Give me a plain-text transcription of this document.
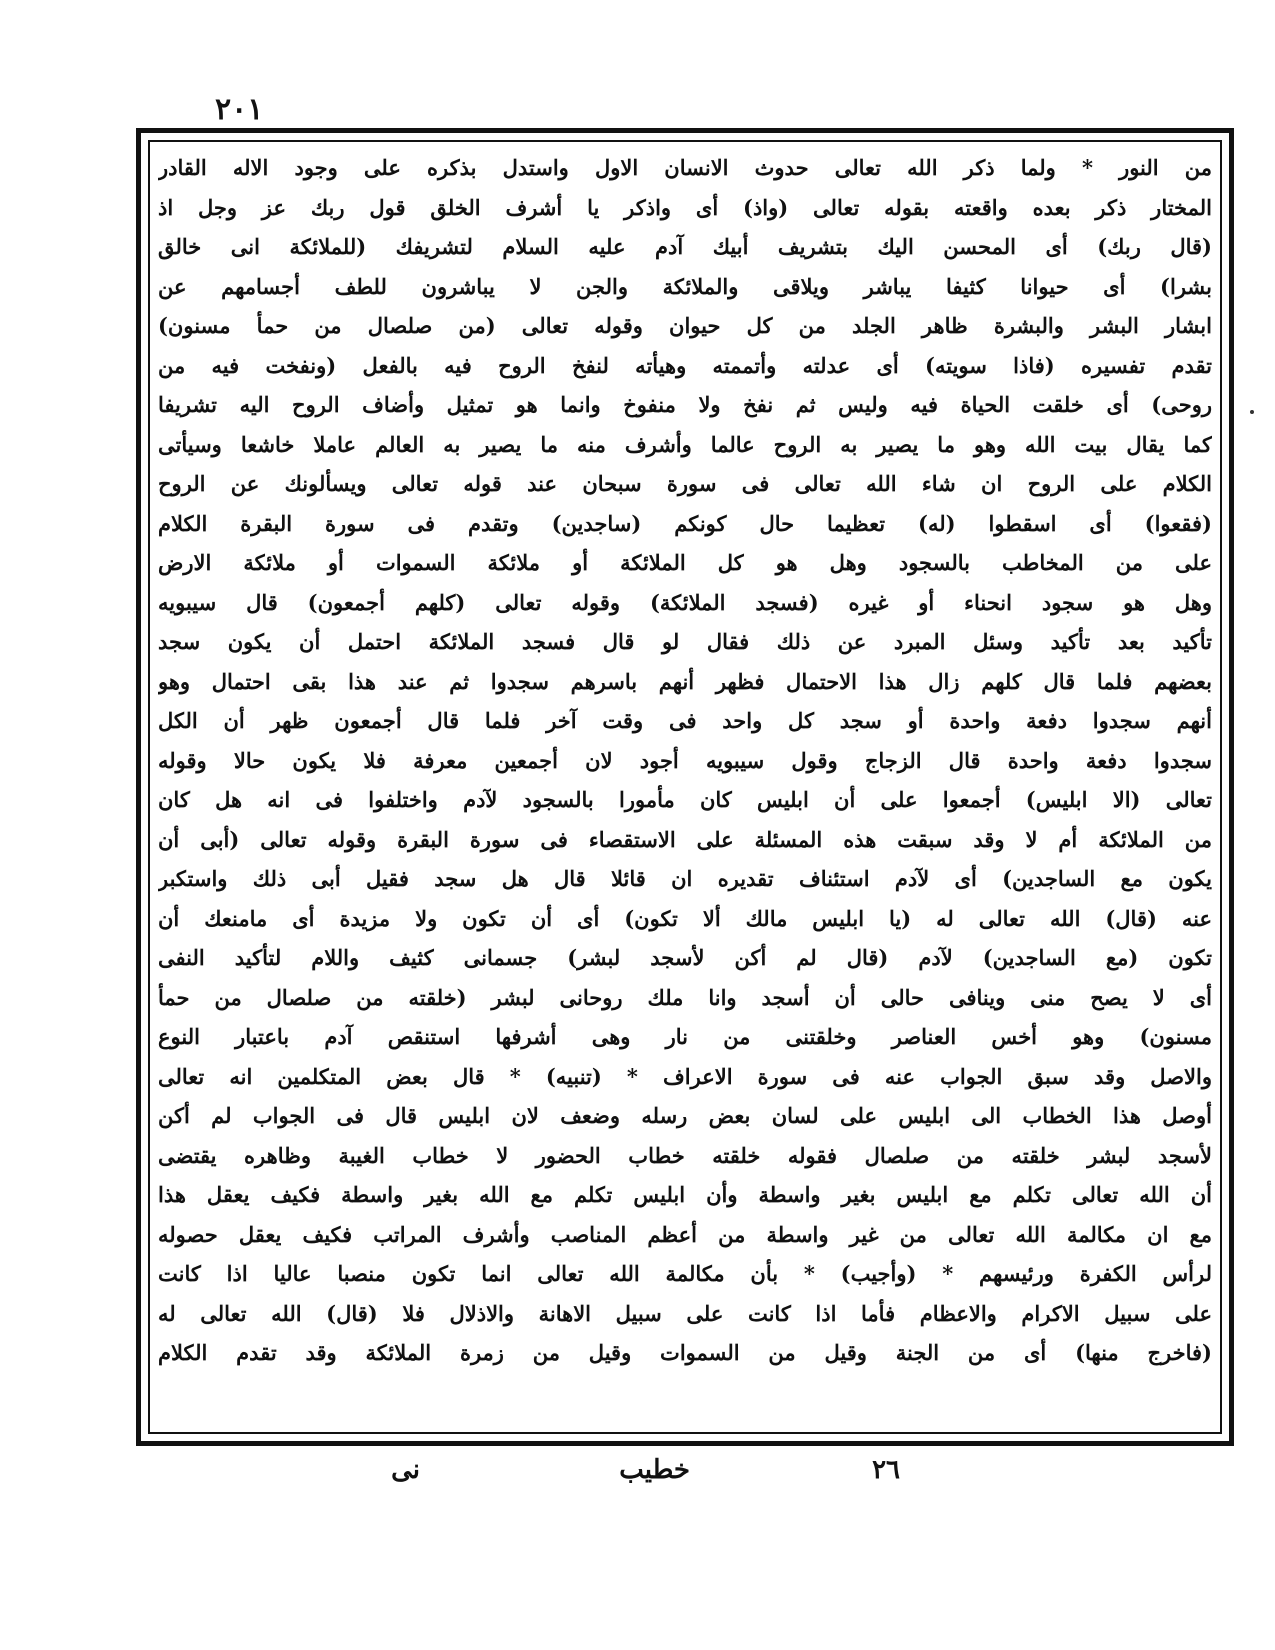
٢٠١
من النور * ولما ذكر الله تعالى حدوث الانسان الاول واستدل بذكره على وجود الاله القادر
المختار ذكر بعده واقعته بقوله تعالى (واذ) أى واذكر يا أشرف الخلق قول ربك عز وجل اذ
(قال ربك) أى المحسن اليك بتشريف أبيك آدم عليه السلام لتشريفك (للملائكة انى خالق
بشرا) أى حيوانا كثيفا يباشر ويلاقى والملائكة والجن لا يباشرون للطف أجسامهم عن
ابشار البشر والبشرة ظاهر الجلد من كل حيوان وقوله تعالى (من صلصال من حمأ مسنون)
تقدم تفسيره (فاذا سويته) أى عدلته وأتممته وهيأته لنفخ الروح فيه بالفعل (ونفخت فيه من
روحى) أى خلقت الحياة فيه وليس ثم نفخ ولا منفوخ وانما هو تمثيل وأضاف الروح اليه تشريفا
كما يقال بيت الله وهو ما يصير به الروح عالما وأشرف منه ما يصير به العالم عاملا خاشعا وسيأتى
الكلام على الروح ان شاء الله تعالى فى سورة سبحان عند قوله تعالى ويسألونك عن الروح
(فقعوا) أى اسقطوا (له) تعظيما حال كونكم (ساجدين) وتقدم فى سورة البقرة الكلام
على من المخاطب بالسجود وهل هو كل الملائكة أو ملائكة السموات أو ملائكة الارض
وهل هو سجود انحناء أو غيره (فسجد الملائكة) وقوله تعالى (كلهم أجمعون) قال سيبويه
تأكيد بعد تأكيد وسئل المبرد عن ذلك فقال لو قال فسجد الملائكة احتمل أن يكون سجد
بعضهم فلما قال كلهم زال هذا الاحتمال فظهر أنهم باسرهم سجدوا ثم عند هذا بقى احتمال وهو
أنهم سجدوا دفعة واحدة أو سجد كل واحد فى وقت آخر فلما قال أجمعون ظهر أن الكل
سجدوا دفعة واحدة قال الزجاج وقول سيبويه أجود لان أجمعين معرفة فلا يكون حالا وقوله
تعالى (الا ابليس) أجمعوا على أن ابليس كان مأمورا بالسجود لآدم واختلفوا فى انه هل كان
من الملائكة أم لا وقد سبقت هذه المسئلة على الاستقصاء فى سورة البقرة وقوله تعالى (أبى أن
يكون مع الساجدين) أى لآدم استئناف تقديره ان قائلا قال هل سجد فقيل أبى ذلك واستكبر
عنه (قال) الله تعالى له (يا ابليس مالك ألا تكون) أى أن تكون ولا مزيدة أى مامنعك أن
تكون (مع الساجدين) لآدم (قال لم أكن لأسجد لبشر) جسمانى كثيف واللام لتأكيد النفى
أى لا يصح منى وينافى حالى أن أسجد وانا ملك روحانى لبشر (خلقته من صلصال من حمأ
مسنون) وهو أخس العناصر وخلقتنى من نار وهى أشرفها استنقص آدم باعتبار النوع
والاصل وقد سبق الجواب عنه فى سورة الاعراف * (تنبيه) * قال بعض المتكلمين انه تعالى
أوصل هذا الخطاب الى ابليس على لسان بعض رسله وضعف لان ابليس قال فى الجواب لم أكن
لأسجد لبشر خلقته من صلصال فقوله خلقته خطاب الحضور لا خطاب الغيبة وظاهره يقتضى
أن الله تعالى تكلم مع ابليس بغير واسطة وأن ابليس تكلم مع الله بغير واسطة فكيف يعقل هذا
مع ان مكالمة الله تعالى من غير واسطة من أعظم المناصب وأشرف المراتب فكيف يعقل حصوله
لرأس الكفرة ورئيسهم * (وأجيب) * بأن مكالمة الله تعالى انما تكون منصبا عاليا اذا كانت
على سبيل الاكرام والاعظام فأما اذا كانت على سبيل الاهانة والاذلال فلا (قال) الله تعالى له
(فاخرج منها) أى من الجنة وقيل من السموات وقيل من زمرة الملائكة وقد تقدم الكلام
٢٦
خطيب
نى
